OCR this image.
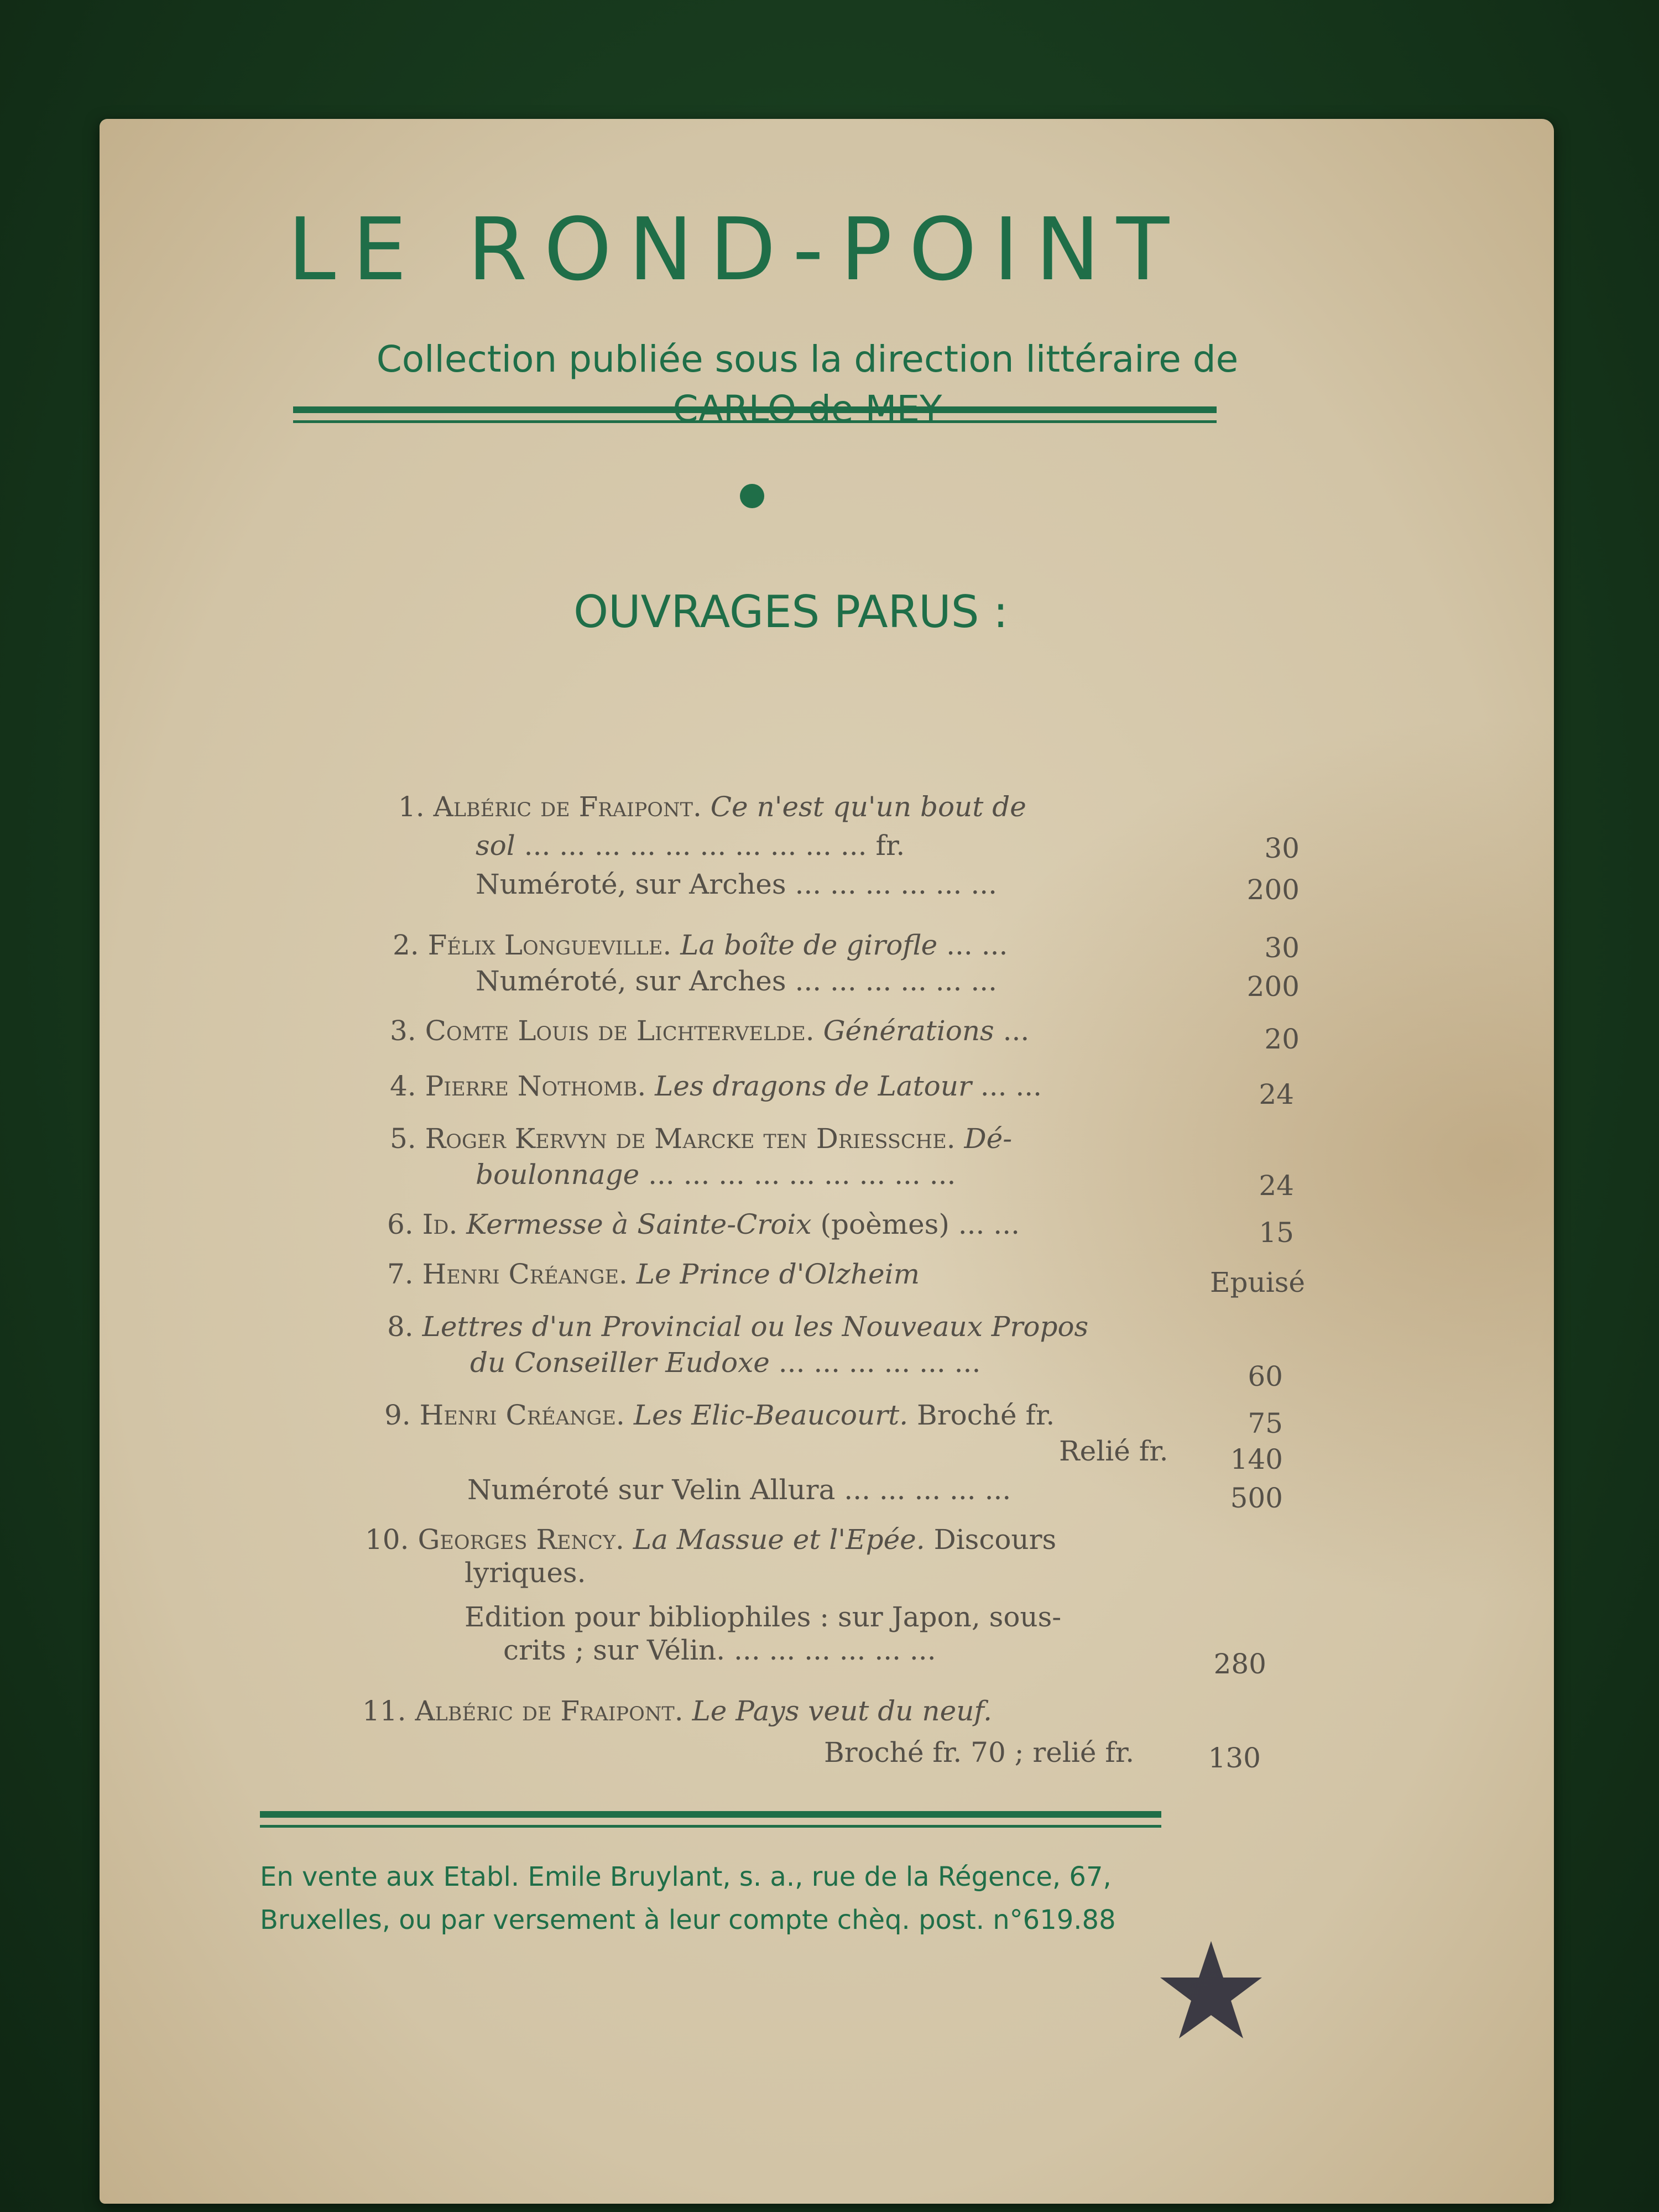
LE ROND-POINT
Collection publiée sous la direction littéraire de
CARLO de MEY
OUVRAGES PARUS :
1. Albéric de Fraipont. Ce n'est qu'un bout de
sol ... ... ... ... ... ... ... ... ... ... fr.	30
Numéroté, sur Arches ... ... ... ... ... ...	200
2. Félix Longueville. La boîte de girofle ... ...	30
Numéroté, sur Arches ... ... ... ... ... ...	200
3. Comte Louis de Lichtervelde. Générations ...	20
4. Pierre Nothomb. Les dragons de Latour ... ...	24
5. Roger Kervyn de Marcke ten Driessche. Dé-
boulonnage ... ... ... ... ... ... ... ... ...	24
6. Id. Kermesse à Sainte-Croix (poèmes) ... ...	15
7. Henri Créange. Le Prince d'Olzheim	Epuisé
8. Lettres d'un Provincial ou les Nouveaux Propos
du Conseiller Eudoxe ... ... ... ... ... ...	60
9. Henri Créange. Les Elic-Beaucourt. Broché fr.	75
Relié fr.	140
Numéroté sur Velin Allura ... ... ... ... ...	500
10. Georges Rency. La Massue et l'Epée. Discours
lyriques.
Edition pour bibliophiles : sur Japon, sous-
crits ; sur Vélin. ... ... ... ... ... ...	280
11. Albéric de Fraipont. Le Pays veut du neuf.
Broché fr. 70 ; relié fr.	130
En vente aux Etabl. Emile Bruylant, s. a., rue de la Régence, 67,
Bruxelles, ou par versement à leur compte chèq. post. n°619.88
